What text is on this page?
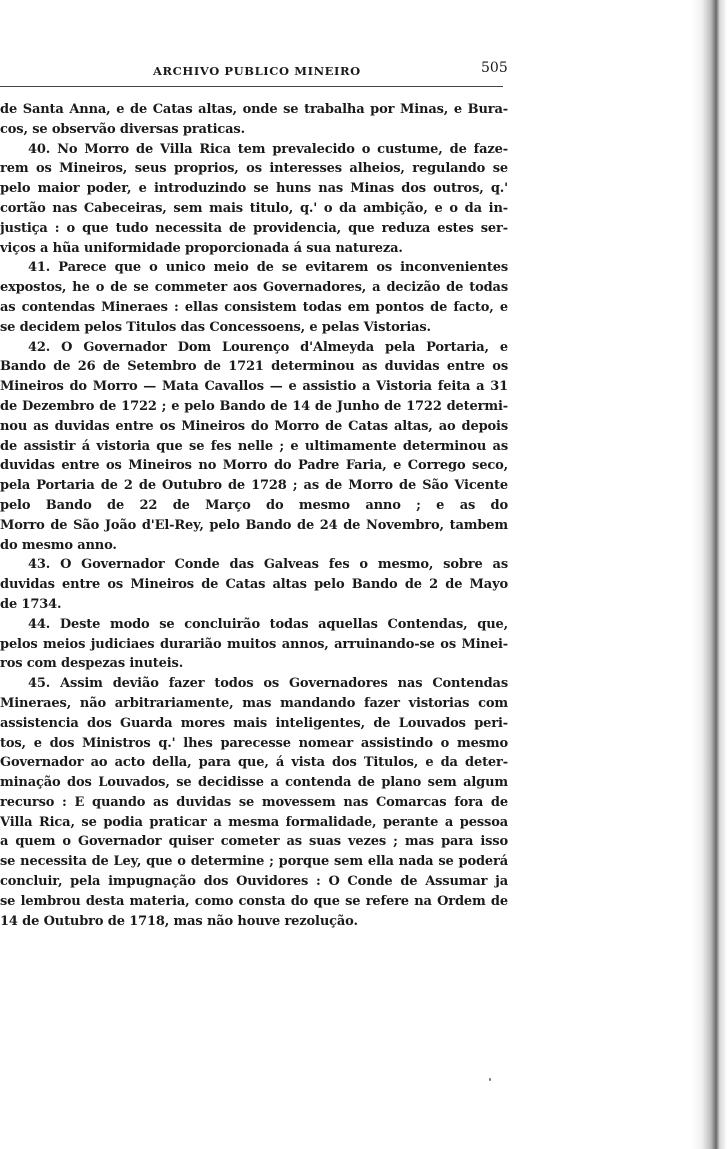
ARCHIVO PUBLICO MINEIRO	505
de Santa Anna, e de Catas altas, onde se trabalha por Minas, e Bura-
cos, se observão diversas praticas.
40. No Morro de Villa Rica tem prevalecido o custume, de faze-
rem os Mineiros, seus proprios, os interesses alheios, regulando se
pelo maior poder, e introduzindo se huns nas Minas dos outros, q.'
cortão nas Cabeceiras, sem mais titulo, q.' o da ambição, e o da in-
justiça : o que tudo necessita de providencia, que reduza estes ser-
viços a hũa uniformidade proporcionada á sua natureza.
41. Parece que o unico meio de se evitarem os inconvenientes
expostos, he o de se commeter aos Governadores, a decizão de todas
as contendas Mineraes : ellas consistem todas em pontos de facto, e
se decidem pelos Titulos das Concessoens, e pelas Vistorias.
42. O Governador Dom Lourenço d'Almeyda pela Portaria, e
Bando de 26 de Setembro de 1721 determinou as duvidas entre os
Mineiros do Morro — Mata Cavallos — e assistio a Vistoria feita a 31
de Dezembro de 1722 ; e pelo Bando de 14 de Junho de 1722 determi-
nou as duvidas entre os Mineiros do Morro de Catas altas, ao depois
de assistir á vistoria que se fes nelle ; e ultimamente determinou as
duvidas entre os Mineiros no Morro do Padre Faria, e Corrego seco,
pela Portaria de 2 de Outubro de 1728 ; as de Morro de São Vicente
pelo Bando de 22 de Março do mesmo anno ; e as do
Morro de São João d'El-Rey, pelo Bando de 24 de Novembro, tambem
do mesmo anno.
43. O Governador Conde das Galveas fes o mesmo, sobre as
duvidas entre os Mineiros de Catas altas pelo Bando de 2 de Mayo
de 1734.
44. Deste modo se concluirão todas aquellas Contendas, que,
pelos meios judiciaes durarião muitos annos, arruinando-se os Minei-
ros com despezas inuteis.
45. Assim devião fazer todos os Governadores nas Contendas
Mineraes, não arbitrariamente, mas mandando fazer vistorias com
assistencia dos Guarda mores mais inteligentes, de Louvados peri-
tos, e dos Ministros q.' lhes parecesse nomear assistindo o mesmo
Governador ao acto della, para que, á vista dos Titulos, e da deter-
minação dos Louvados, se decidisse a contenda de plano sem algum
recurso : E quando as duvidas se movessem nas Comarcas fora de
Villa Rica, se podia praticar a mesma formalidade, perante a pessoa
a quem o Governador quiser cometer as suas vezes ; mas para isso
se necessita de Ley, que o determine ; porque sem ella nada se poderá
concluir, pela impugnação dos Ouvidores : O Conde de Assumar ja
se lembrou desta materia, como consta do que se refere na Ordem de
14 de Outubro de 1718, mas não houve rezolução.
